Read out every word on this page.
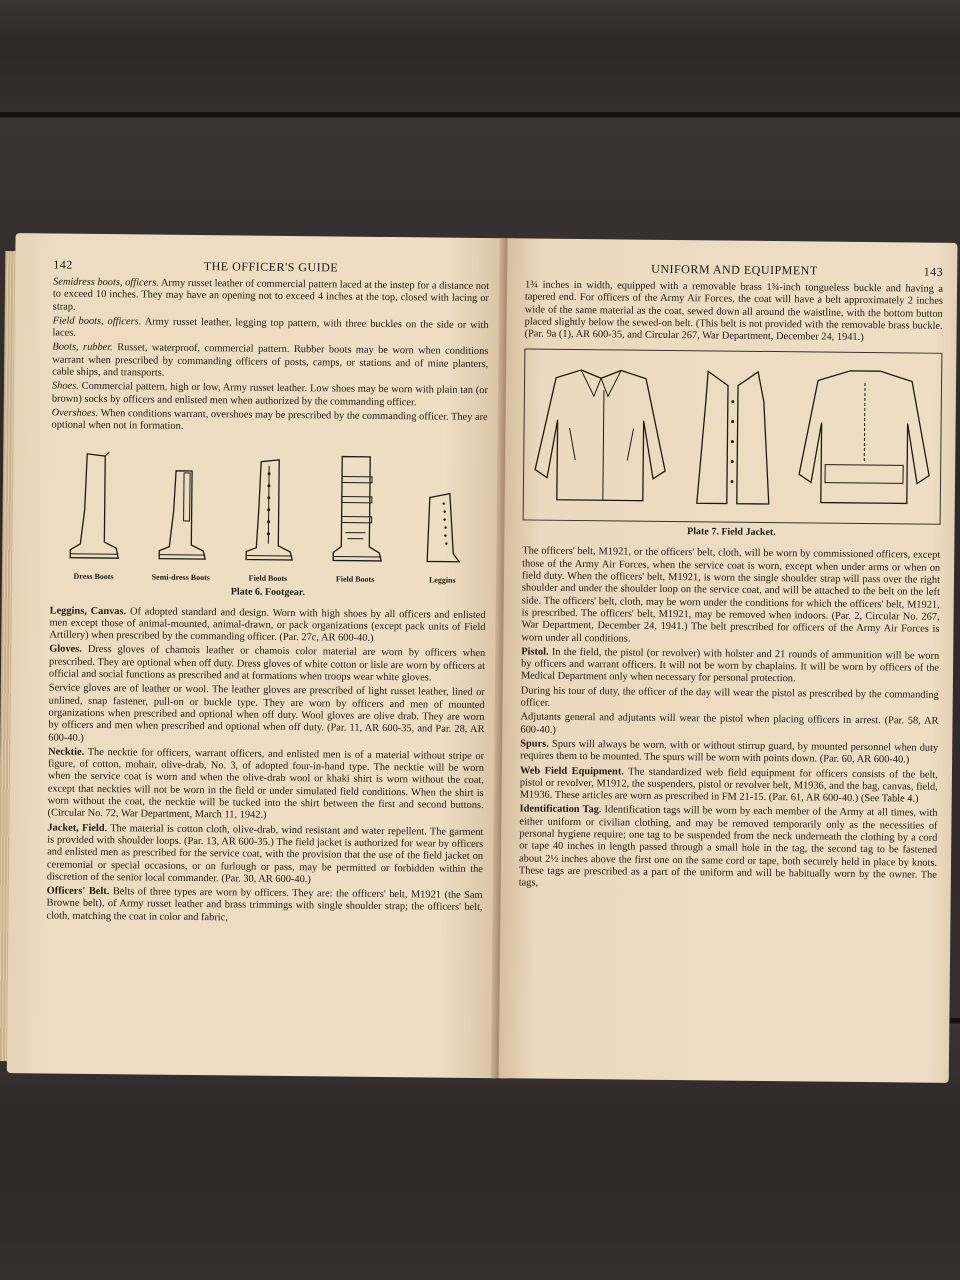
142	THE OFFICER'S GUIDE

Semidress boots, officers. Army russet leather of commercial pattern laced at the instep for a distance not to exceed 10 inches. They may have an opening not to exceed 4 inches at the top, closed with lacing or strap.

Field boots, officers. Army russet leather, legging top pattern, with three buckles on the side or with laces.

Boots, rubber. Russet, waterproof, commercial pattern. Rubber boots may be worn when conditions warrant when prescribed by commanding officers of posts, camps, or stations and of mine planters, cable ships, and transports.

Shoes. Commercial pattern, high or low, Army russet leather. Low shoes may be worn with plain tan (or brown) socks by officers and enlisted men when authorized by the commanding officer.

Overshoes. When conditions warrant, overshoes may be prescribed by the commanding officer. They are optional when not in formation.

Dress Boots	Semi-dress Boots	Field Boots	Field Boots	Leggins
Plate 6. Footgear.

Leggins, Canvas. Of adopted standard and design. Worn with high shoes by all officers and enlisted men except those of animal-mounted, animal-drawn, or pack organizations (except pack units of Field Artillery) when prescribed by the commanding officer. (Par. 27c, AR 600-40.)

Gloves. Dress gloves of chamois leather or chamois color material are worn by officers when prescribed. They are optional when off duty. Dress gloves of white cotton or lisle are worn by officers at official and social functions as prescribed and at formations when troops wear white gloves.

Service gloves are of leather or wool. The leather gloves are prescribed of light russet leather, lined or unlined, snap fastener, pull-on or buckle type. They are worn by officers and men of mounted organizations when prescribed and optional when off duty. Wool gloves are olive drab. They are worn by officers and men when prescribed and optional when off duty. (Par. 11, AR 600-35, and Par. 28, AR 600-40.)

Necktie. The necktie for officers, warrant officers, and enlisted men is of a material without stripe or figure, of cotton, mohair, olive-drab, No. 3, of adopted four-in-hand type. The necktie will be worn when the service coat is worn and when the olive-drab wool or khaki shirt is worn without the coat, except that neckties will not be worn in the field or under simulated field conditions. When the shirt is worn without the coat, the necktie will be tucked into the shirt between the first and second buttons. (Circular No. 72, War Department, March 11, 1942.)

Jacket, Field. The material is cotton cloth, olive-drab, wind resistant and water repellent. The garment is provided with shoulder loops. (Par. 13, AR 600-35.) The field jacket is authorized for wear by officers and enlisted men as prescribed for the service coat, with the provision that the use of the field jacket on ceremonial or special occasions, or on furlough or pass, may be permitted or forbidden within the discretion of the senior local commander. (Par. 30, AR 600-40.)

Officers' Belt. Belts of three types are worn by officers. They are: the officers' belt, M1921 (the Sam Browne belt), of Army russet leather and brass trimmings with single shoulder strap; the officers' belt, cloth, matching the coat in color and fabric,

UNIFORM AND EQUIPMENT	143

1¾ inches in width, equipped with a removable brass 1¾-inch tongueless buckle and having a tapered end. For officers of the Army Air Forces, the coat will have a belt approximately 2 inches wide of the same material as the coat, sewed down all around the waistline, with the bottom button placed slightly below the sewed-on belt. (This belt is not provided with the removable brass buckle. (Par. 9a (1), AR 600-35, and Circular 267, War Department, December 24, 1941.)

Plate 7. Field Jacket.

The officers' belt, M1921, or the officers' belt, cloth, will be worn by commissioned officers, except those of the Army Air Forces, when the service coat is worn, except when under arms or when on field duty. When the officers' belt, M1921, is worn the single shoulder strap will pass over the right shoulder and under the shoulder loop on the service coat, and will be attached to the belt on the left side. The officers' belt, cloth, may be worn under the conditions for which the officers' belt, M1921, is prescribed. The officers' belt, M1921, may be removed when indoors. (Par. 2, Circular No. 267, War Department, December 24, 1941.) The belt prescribed for officers of the Army Air Forces is worn under all conditions.

Pistol. In the field, the pistol (or revolver) with holster and 21 rounds of ammunition will be worn by officers and warrant officers. It will not be worn by chaplains. It will be worn by officers of the Medical Department only when necessary for personal protection.

During his tour of duty, the officer of the day will wear the pistol as prescribed by the commanding officer.

Adjutants general and adjutants will wear the pistol when placing officers in arrest. (Par. 58, AR 600-40.)

Spurs. Spurs will always be worn, with or without stirrup guard, by mounted personnel when duty requires them to be mounted. The spurs will be worn with points down. (Par. 60, AR 600-40.)

Web Field Equipment. The standardized web field equipment for officers consists of the belt, pistol or revolver, M1912, the suspenders, pistol or revolver belt, M1936, and the bag, canvas, field, M1936. These articles are worn as prescribed in FM 21-15. (Par. 61, AR 600-40.) (See Table 4.)

Identification Tag. Identification tags will be worn by each member of the Army at all times, with either uniform or civilian clothing, and may be removed temporarily only as the necessities of personal hygiene require; one tag to be suspended from the neck underneath the clothing by a cord or tape 40 inches in length passed through a small hole in the tag, the second tag to be fastened about 2½ inches above the first one on the same cord or tape, both securely held in place by knots. These tags are prescribed as a part of the uniform and will be habitually worn by the owner. The tags,
